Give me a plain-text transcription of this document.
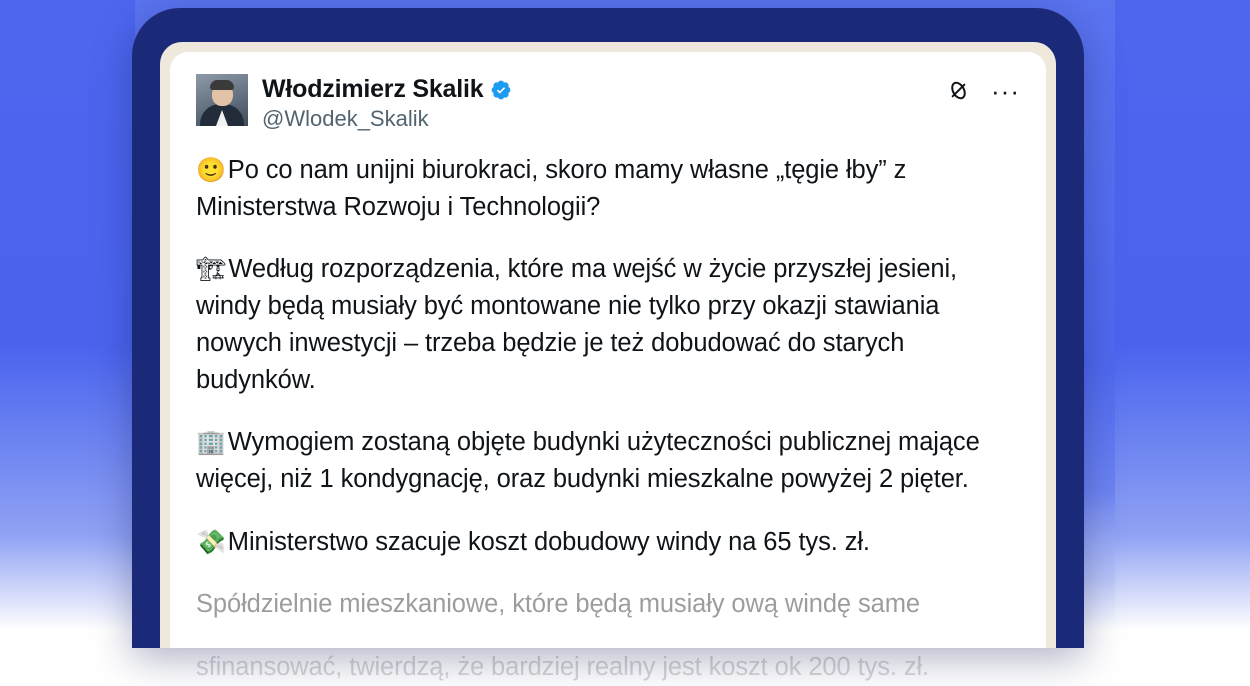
Włodzimierz Skalik
@Wlodek_Skalik
···

🙂Po co nam unijni biurokraci, skoro mamy własne „tęgie łby” z Ministerstwa Rozwoju i Technologii?

🏗Według rozporządzenia, które ma wejść w życie przyszłej jesieni, windy będą musiały być montowane nie tylko przy okazji stawiania nowych inwestycji – trzeba będzie je też dobudować do starych budynków.

🏢Wymogiem zostaną objęte budynki użyteczności publicznej mające więcej, niż 1 kondygnację, oraz budynki mieszkalne powyżej 2 pięter.

💸Ministerstwo szacuje koszt dobudowy windy na 65 tys. zł.

Spółdzielnie mieszkaniowe, które będą musiały ową windę same

sfinansować, twierdzą, że bardziej realny jest koszt ok 200 tys. zł.
